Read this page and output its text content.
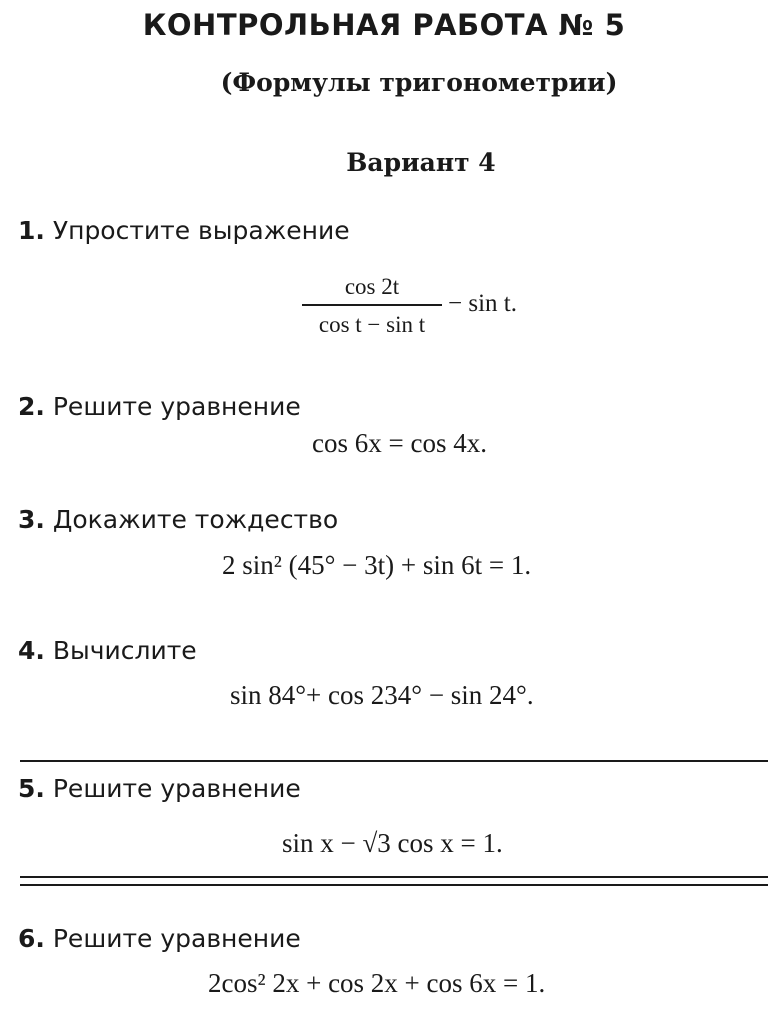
КОНТРОЛЬНАЯ РАБОТА № 5
(Формулы тригонометрии)
Вариант 4
1. Упростите выражение
cos 2t
cos t − sin t
− sin t.
2. Решите уравнение
cos 6x = cos 4x.
3. Докажите тождество
2 sin² (45° − 3t) + sin 6t = 1.
4. Вычислите
sin 84°+ cos 234° − sin 24°.
5. Решите уравнение
sin x − √3 cos x = 1.
6. Решите уравнение
2cos² 2x + cos 2x + cos 6x = 1.
